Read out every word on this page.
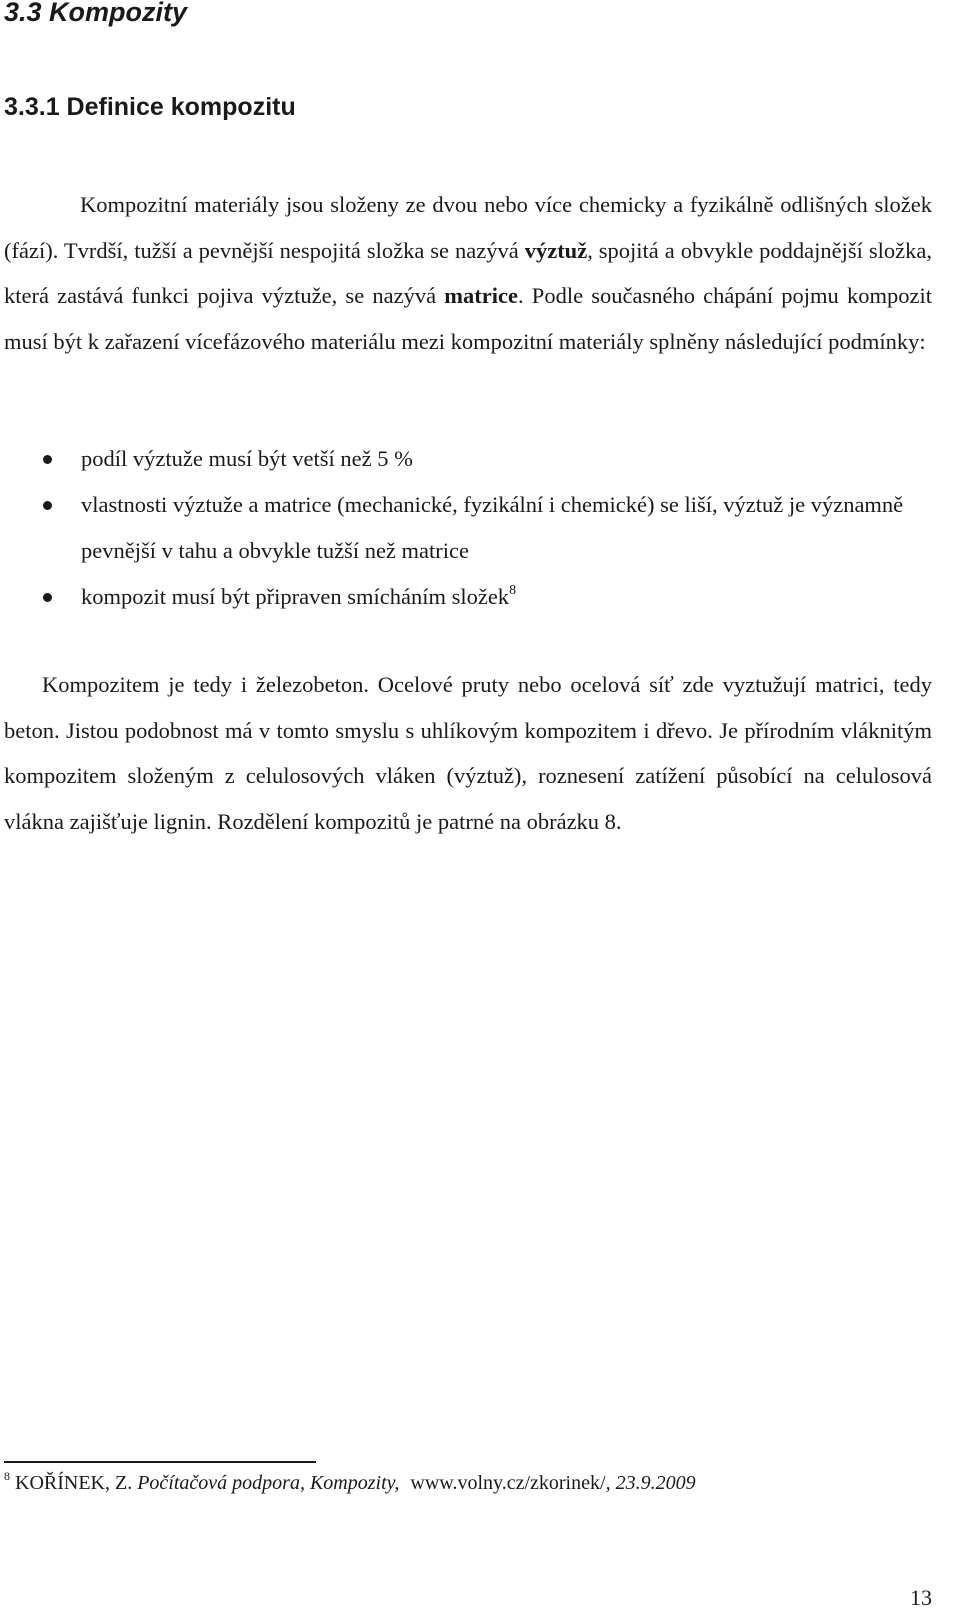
3.3 Kompozity
3.3.1 Definice kompozitu

Kompozitní materiály jsou složeny ze dvou nebo více chemicky a fyzikálně odlišných složek (fází). Tvrdší, tužší a pevnější nespojitá složka se nazývá výztuž, spojitá a obvykle poddajnější složka, která zastává funkci pojiva výztuže, se nazývá matrice. Podle současného chápání pojmu kompozit musí být k zařazení vícefázového materiálu mezi kompozitní materiály splněny následující podmínky:

podíl výztuže musí být vetší než 5 %
vlastnosti výztuže a matrice (mechanické, fyzikální i chemické) se liší, výztuž je významně pevnější v tahu a obvykle tužší než matrice
kompozit musí být připraven smícháním složek$^8$

Kompozitem je tedy i železobeton. Ocelové pruty nebo ocelová síť zde vyztužují matrici, tedy beton. Jistou podobnost má v tomto smyslu s uhlíkovým kompozitem i dřevo. Je přírodním vláknitým kompozitem složeným z celulosových vláken (výztuž), roznesení zatížení působící na celulosová vlákna zajišťuje lignin. Rozdělení kompozitů je patrné na obrázku 8.

$^8$ KOŘÍNEK, Z. Počítačová podpora, Kompozity, www.volny.cz/zkorinek/, 23.9.2009
13
